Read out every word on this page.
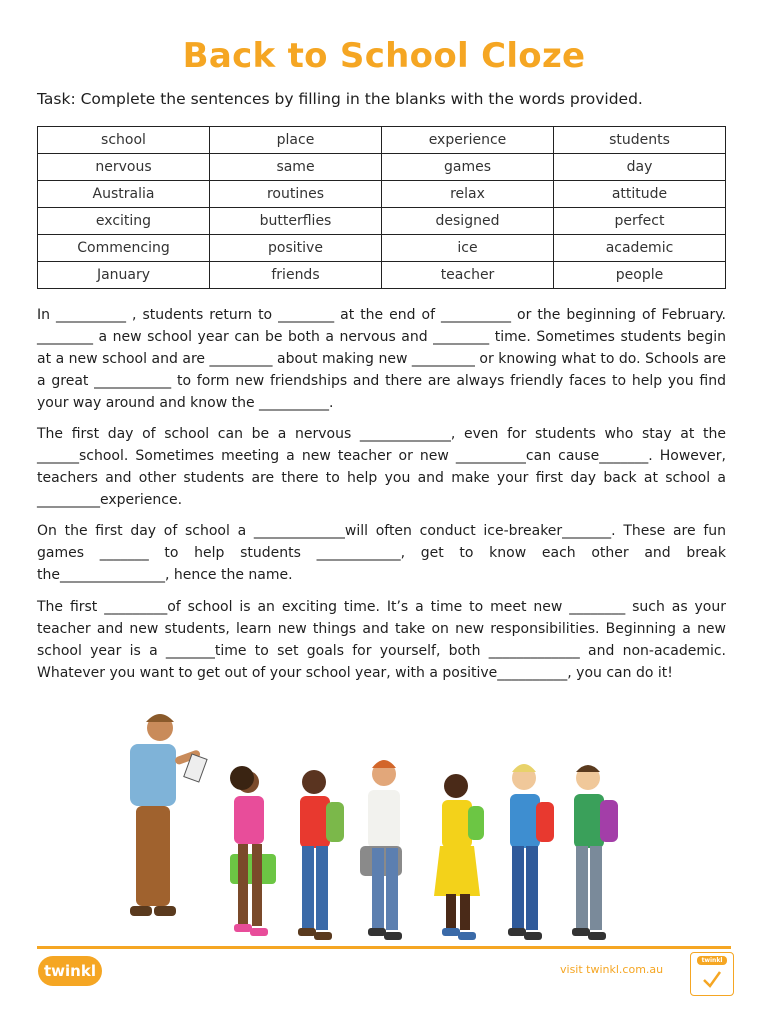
Back to School Cloze
Task: Complete the sentences by filling in the blanks with the words provided.
school	place	experience	students
nervous	same	games	day
Australia	routines	relax	attitude
exciting	butterflies	designed	perfect
Commencing	positive	ice	academic
January	friends	teacher	people
In __________ , students return to ________ at the end of __________ or the beginning of February. ________ a new school year can be both a nervous and ________ time. Sometimes students begin at a new school and are _________ about making new _________ or knowing what to do. Schools are a great ___________ to form new friendships and there are always friendly faces to help you find your way around and know the __________.
The first day of school can be a nervous _____________, even for students who stay at the ______school. Sometimes meeting a new teacher or new __________can cause_______. However, teachers and other students are there to help you and make your first day back at school a _________experience.
On the first day of school a _____________will often conduct ice-breaker_______. These are fun games _______ to help students ____________, get to know each other and break the_______________, hence the name.
The first _________of school is an exciting time. It’s a time to meet new ________ such as your teacher and new students, learn new things and take on new responsibilities. Beginning a new school year is a _______time to set goals for yourself, both _____________ and non-academic. Whatever you want to get out of your school year, with a positive__________, you can do it!
twinkl	visit twinkl.com.au
twinkl
